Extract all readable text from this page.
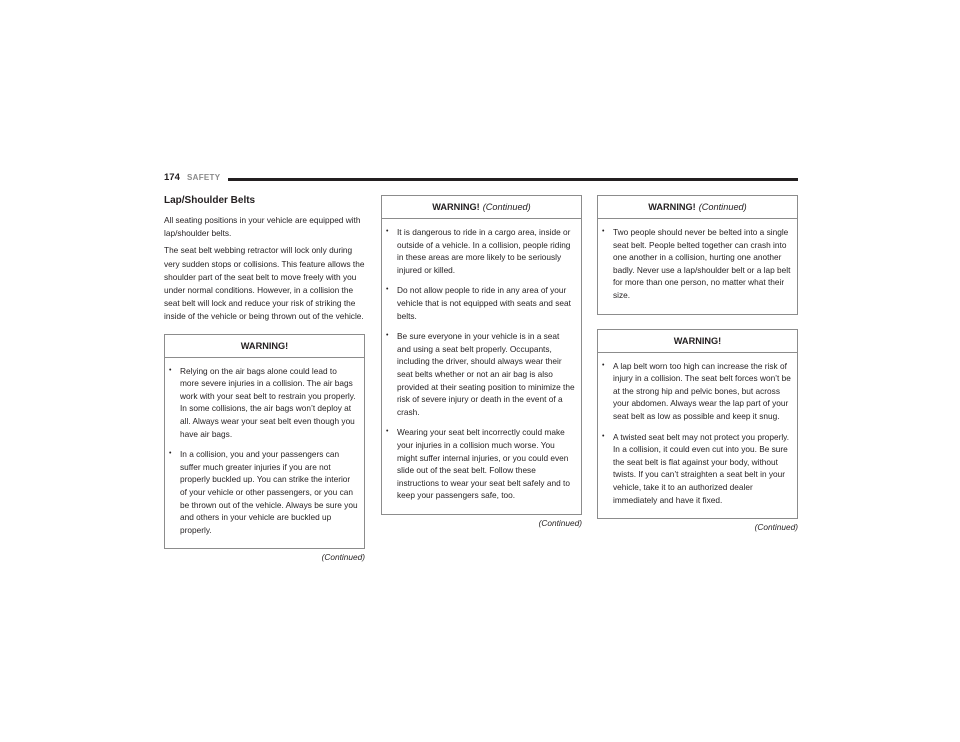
174 SAFETY
Lap/Shoulder Belts

All seating positions in your vehicle are equipped with lap/shoulder belts.

The seat belt webbing retractor will lock only during very sudden stops or collisions. This feature allows the shoulder part of the seat belt to move freely with you under normal conditions. However, in a collision the seat belt will lock and reduce your risk of striking the inside of the vehicle or being thrown out of the vehicle.

WARNING!
•	Relying on the air bags alone could lead to more severe injuries in a collision. The air bags work with your seat belt to restrain you properly. In some collisions, the air bags won’t deploy at all. Always wear your seat belt even though you have air bags.
•	In a collision, you and your passengers can suffer much greater injuries if you are not properly buckled up. You can strike the interior of your vehicle or other passengers, or you can be thrown out of the vehicle. Always be sure you and others in your vehicle are buckled up properly.
(Continued)
WARNING! (Continued)
•	It is dangerous to ride in a cargo area, inside or outside of a vehicle. In a collision, people riding in these areas are more likely to be seriously injured or killed.
•	Do not allow people to ride in any area of your vehicle that is not equipped with seats and seat belts.
•	Be sure everyone in your vehicle is in a seat and using a seat belt properly. Occupants, including the driver, should always wear their seat belts whether or not an air bag is also provided at their seating position to minimize the risk of severe injury or death in the event of a crash.
•	Wearing your seat belt incorrectly could make your injuries in a collision much worse. You might suffer internal injuries, or you could even slide out of the seat belt. Follow these instructions to wear your seat belt safely and to keep your passengers safe, too.
(Continued)
WARNING! (Continued)
•	Two people should never be belted into a single seat belt. People belted together can crash into one another in a collision, hurting one another badly. Never use a lap/shoulder belt or a lap belt for more than one person, no matter what their size.
WARNING!
•	A lap belt worn too high can increase the risk of injury in a collision. The seat belt forces won’t be at the strong hip and pelvic bones, but across your abdomen. Always wear the lap part of your seat belt as low as possible and keep it snug.
•	A twisted seat belt may not protect you properly. In a collision, it could even cut into you. Be sure the seat belt is flat against your body, without twists. If you can’t straighten a seat belt in your vehicle, take it to an authorized dealer immediately and have it fixed.
(Continued)
